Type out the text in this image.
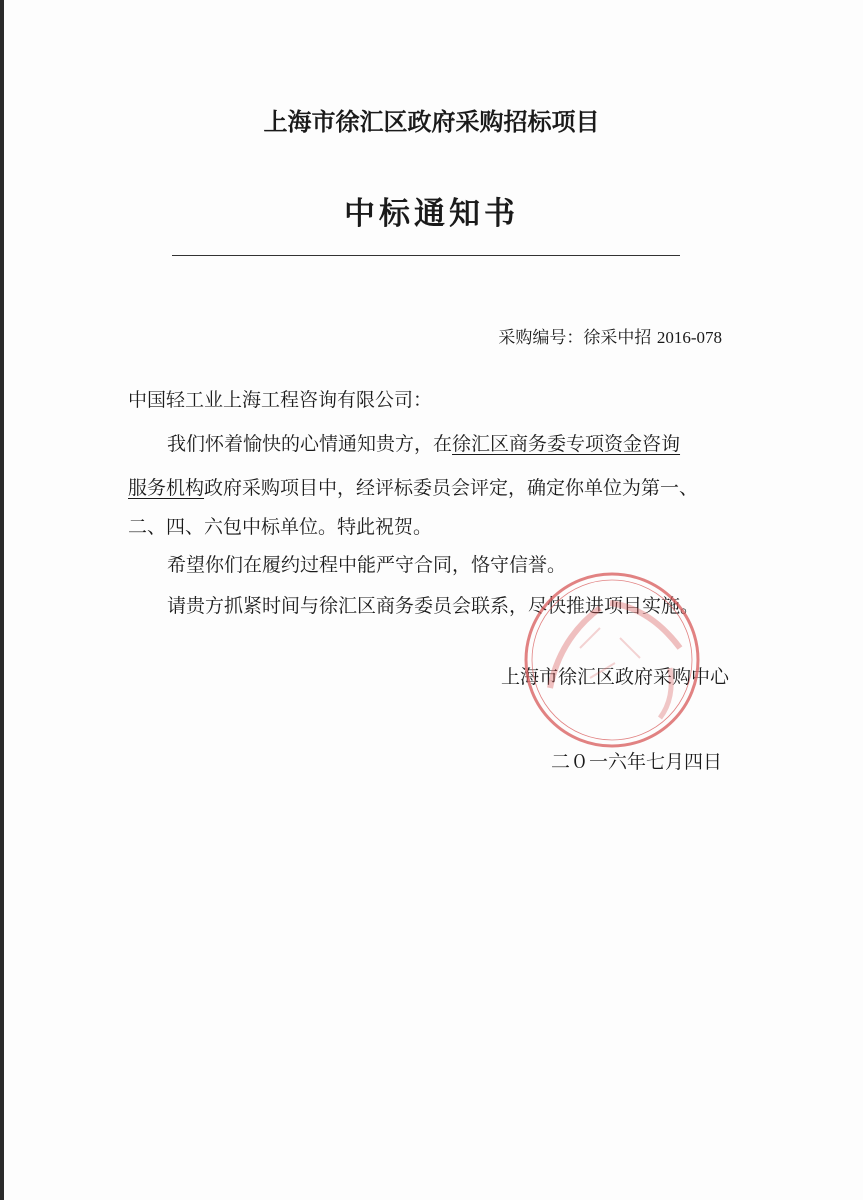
上海市徐汇区政府采购招标项目
中标通知书
采购编号：徐采中招 2016-078
中国轻工业上海工程咨询有限公司：
我们怀着愉快的心情通知贵方，在徐汇区商务委专项资金咨询
服务机构政府采购项目中，经评标委员会评定，确定你单位为第一、
二、四、六包中标单位。特此祝贺。
希望你们在履约过程中能严守合同，恪守信誉。
请贵方抓紧时间与徐汇区商务委员会联系，尽快推进项目实施。
上海市徐汇区政府采购中心
二０一六年七月四日
